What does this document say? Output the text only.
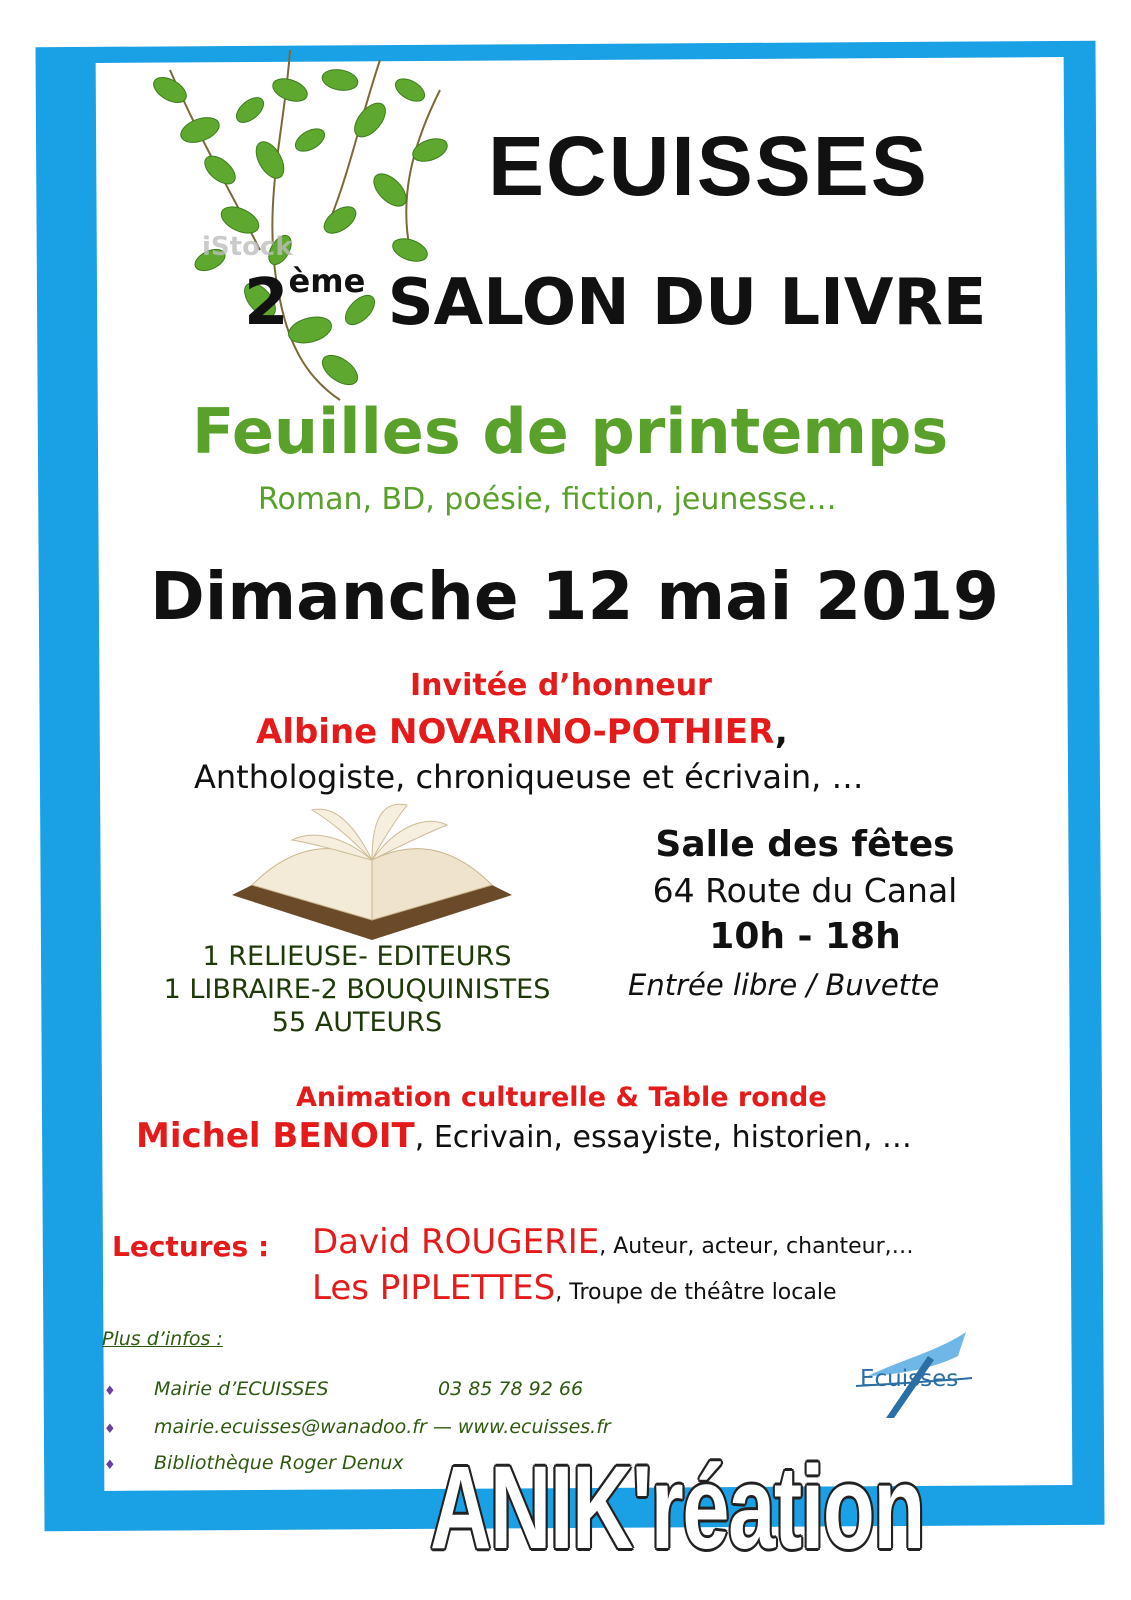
iStock
ECUISSES
2ème SALON DU LIVRE
Feuilles de printemps
Roman, BD, poésie, fiction, jeunesse…
Dimanche 12 mai 2019
Invitée d’honneur
Albine NOVARINO-POTHIER,
Anthologiste, chroniqueuse et écrivain, …
1 RELIEUSE- EDITEURS
1 LIBRAIRE-2 BOUQUINISTES
55 AUTEURS
Salle des fêtes
64 Route du Canal
10h - 18h
Entrée libre / Buvette
Animation culturelle & Table ronde
Michel BENOIT, Ecrivain, essayiste, historien, …
Lectures : David ROUGERIE, Auteur, acteur, chanteur,…
Les PIPLETTES, Troupe de théâtre locale
Plus d’infos :
♦ Mairie d’ECUISSES	03 85 78 92 66
♦ mairie.ecuisses@wanadoo.fr — www.ecuisses.fr
♦ Bibliothèque Roger Denux
Ecuisses
ANIK'réation
